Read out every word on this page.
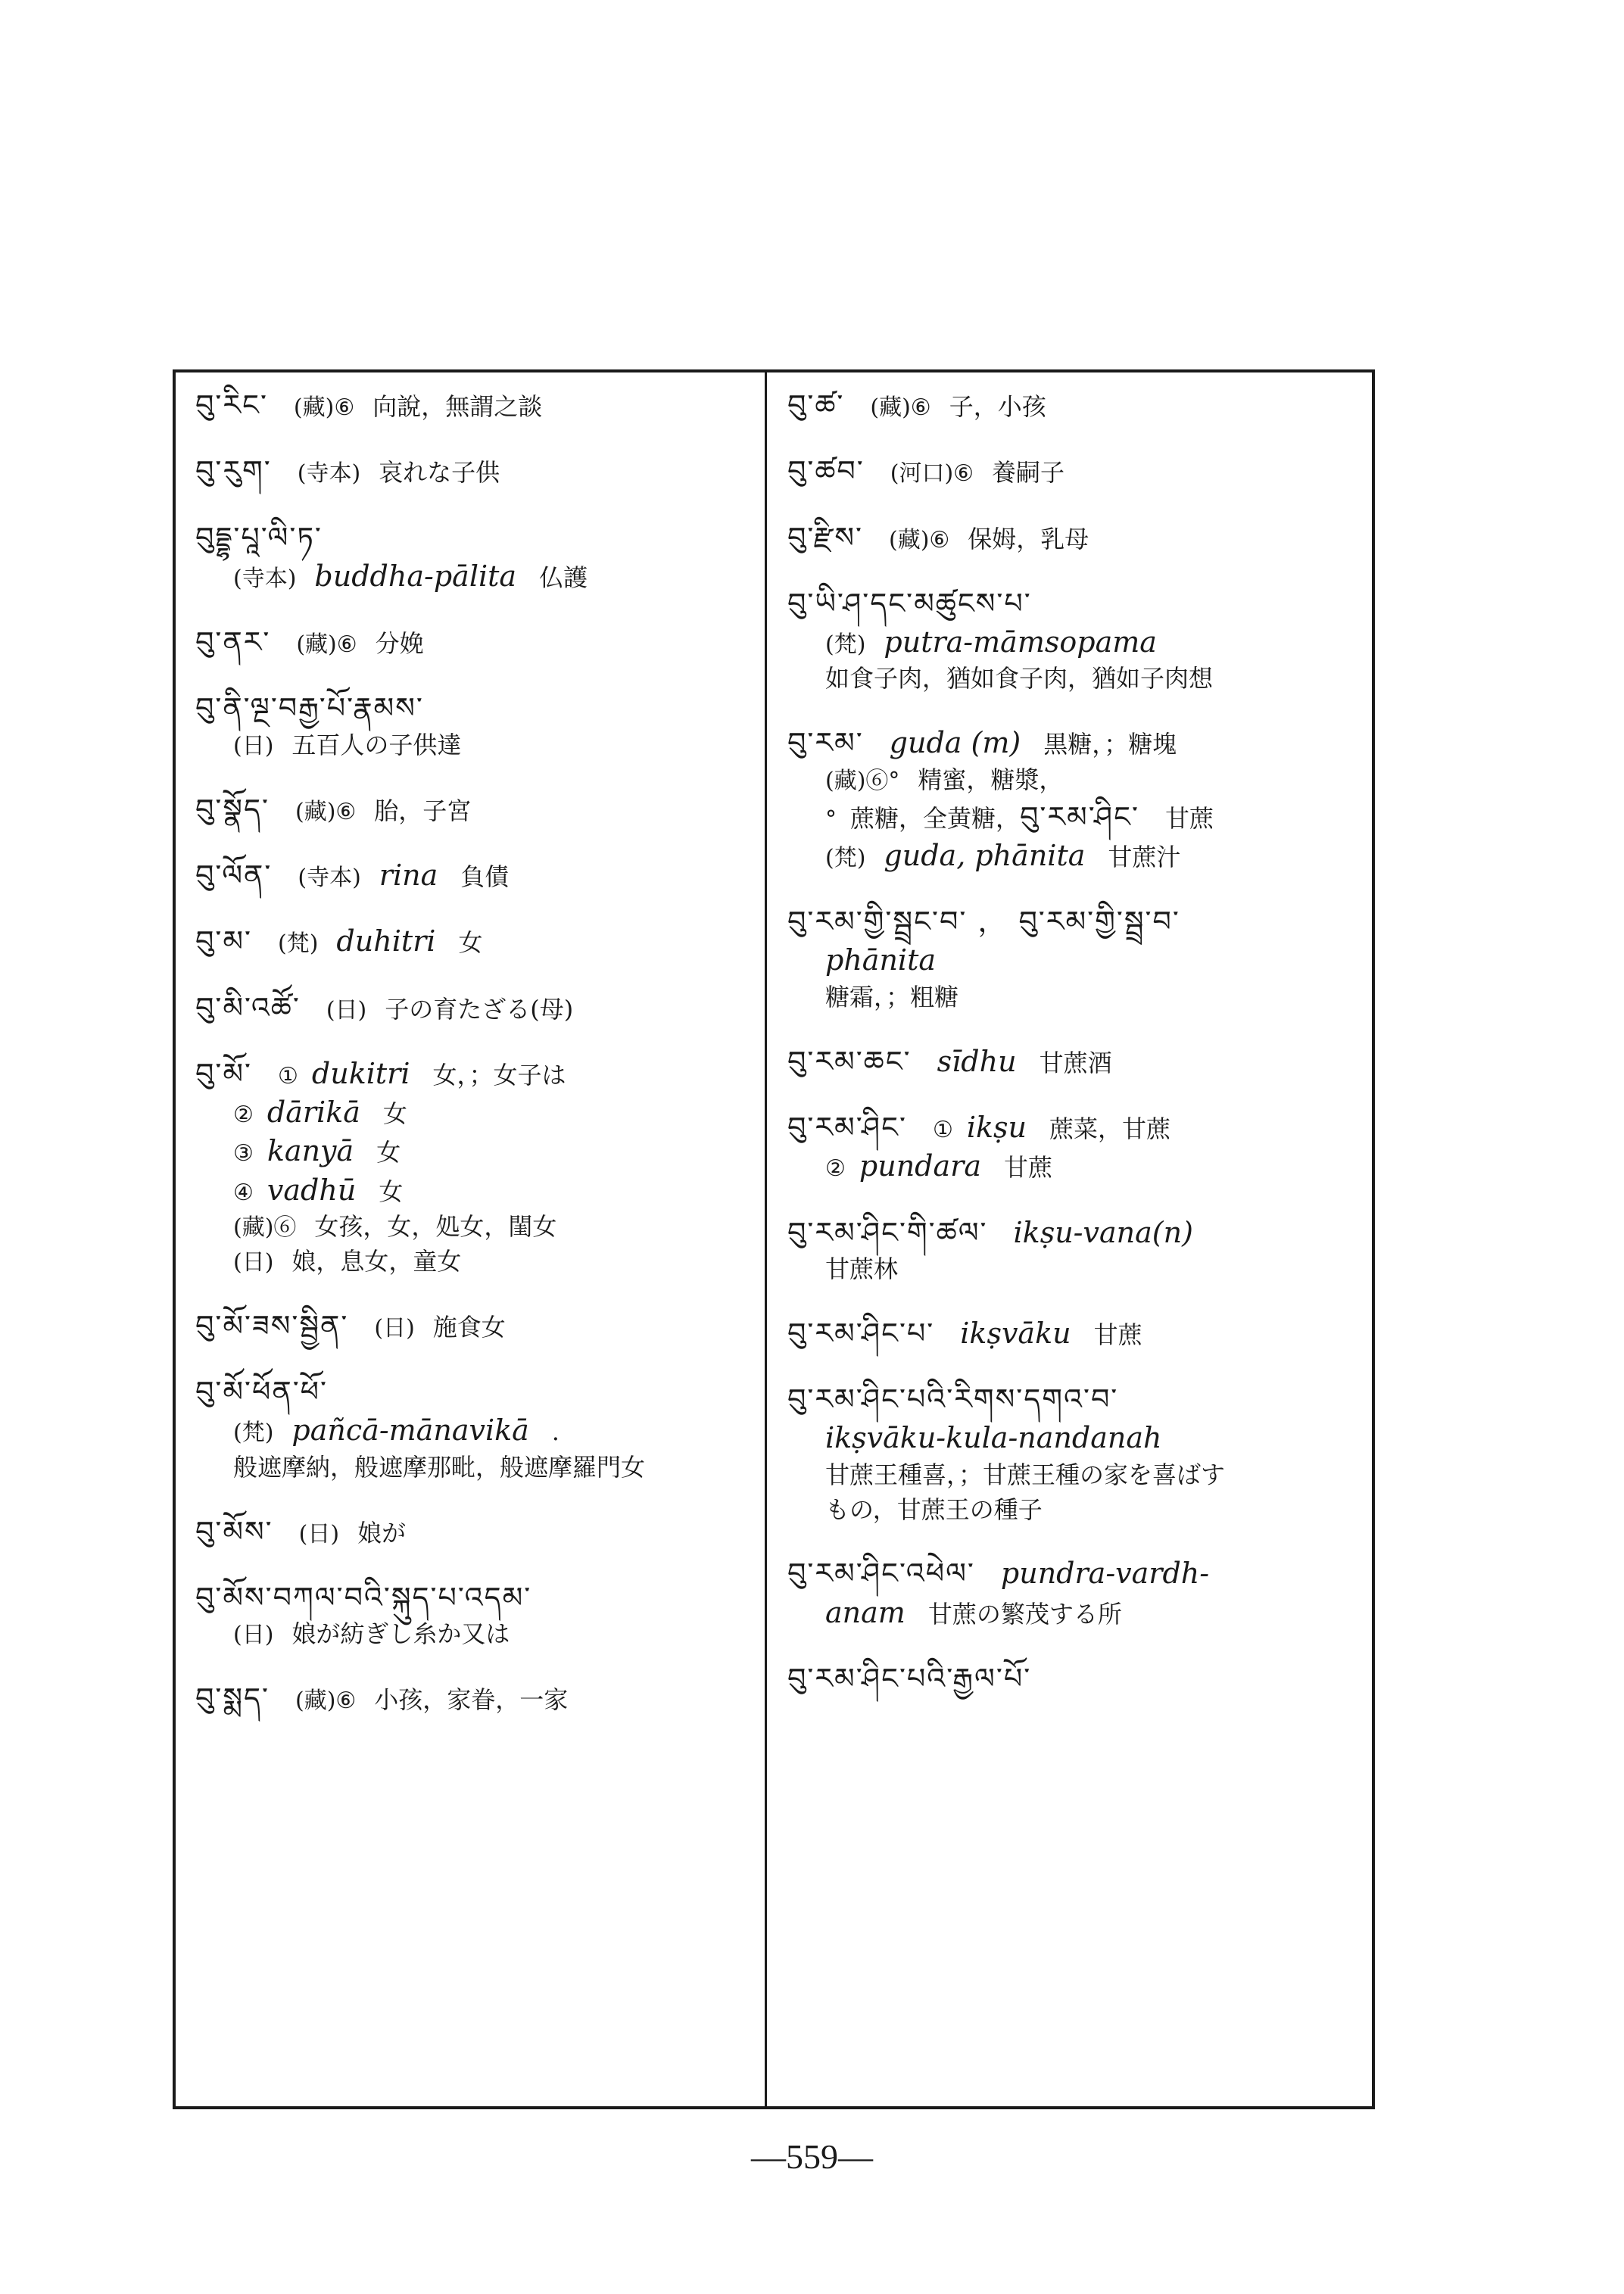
བུ་རིང་ (藏)⑥ 向說，無謂之談
བུ་རུག་ (寺本) 哀れな子供
བུདྡྷ་པཱ་ལི་ཏ་
(寺本) buddha-pālita 仏護
བུ་ནར་ (藏)⑥ 分娩
བུ་ནི་ལྔ་བརྒྱ་པོ་རྣམས་
(日) 五百人の子供達
བུ་སྣོད་ (藏)⑥ 胎，子宮
བུ་ལོན་ (寺本) rina 負債
བུ་མ་ (梵) duhitri 女
བུ་མི་འཚོ་ (日) 子の育たざる(母)
བུ་མོ་ ① dukitri 女，；女子は
② dārikā 女
③ kanyā 女
④ vadhū 女
(藏)⑥ 女孩，女，処女，閨女
(日) 娘，息女，童女
བུ་མོ་ཟས་སྦྱིན་ (日) 施食女
བུ་མོ་ཕོན་ཕོ་
(梵) pañcā-mānavikā .
般遮摩納，般遮摩那毗，般遮摩羅門女
བུ་མོས་ (日) 娘が
བུ་མོས་བཀལ་བའི་སྐུད་པ་འདམ་
(日) 娘が紡ぎし糸か又は
བུ་སྨད་ (藏)⑥ 小孩，家眷，一家
བུ་ཚ་ (藏)⑥ 子，小孩
བུ་ཚབ་ (河口)⑥ 養嗣子
བུ་རྫིས་ (藏)⑥ 保姆，乳母
བུ་ཡི་ཤ་དང་མཚུངས་པ་
(梵) putra-māmsopama
如食子肉，猶如食子肉，猶如子肉想
བུ་རམ་ guda (m) 黒糖，；糖塊
(藏)⑥° 精蜜，糖漿，
° 蔗糖，全黄糖，བུ་རམ་ཤིང་ 甘蔗
(梵) guda, phānita 甘蔗汁
བུ་རམ་གྱི་སྦྲང་བ་ ， བུ་རམ་གྱི་སྦྲ་བ་
phānita
糖霜，；粗糖
བུ་རམ་ཆང་ sīdhu 甘蔗酒
བུ་རམ་ཤིང་ ① ikṣu 蔗菜，甘蔗
② pundara 甘蔗
བུ་རམ་ཤིང་གི་ཚལ་ ikṣu-vana(n)
甘蔗林
བུ་རམ་ཤིང་པ་ ikṣvāku 甘蔗
བུ་རམ་ཤིང་པའི་རིགས་དགའ་བ་
ikṣvāku-kula-nandanah
甘蔗王種喜，；甘蔗王種の家を喜ばす
もの，甘蔗王の種子
བུ་རམ་ཤིང་འཕེལ་ pundra-vardh-
anam 甘蔗の繁茂する所
བུ་རམ་ཤིང་པའི་རྒྱལ་པོ་
—559—
